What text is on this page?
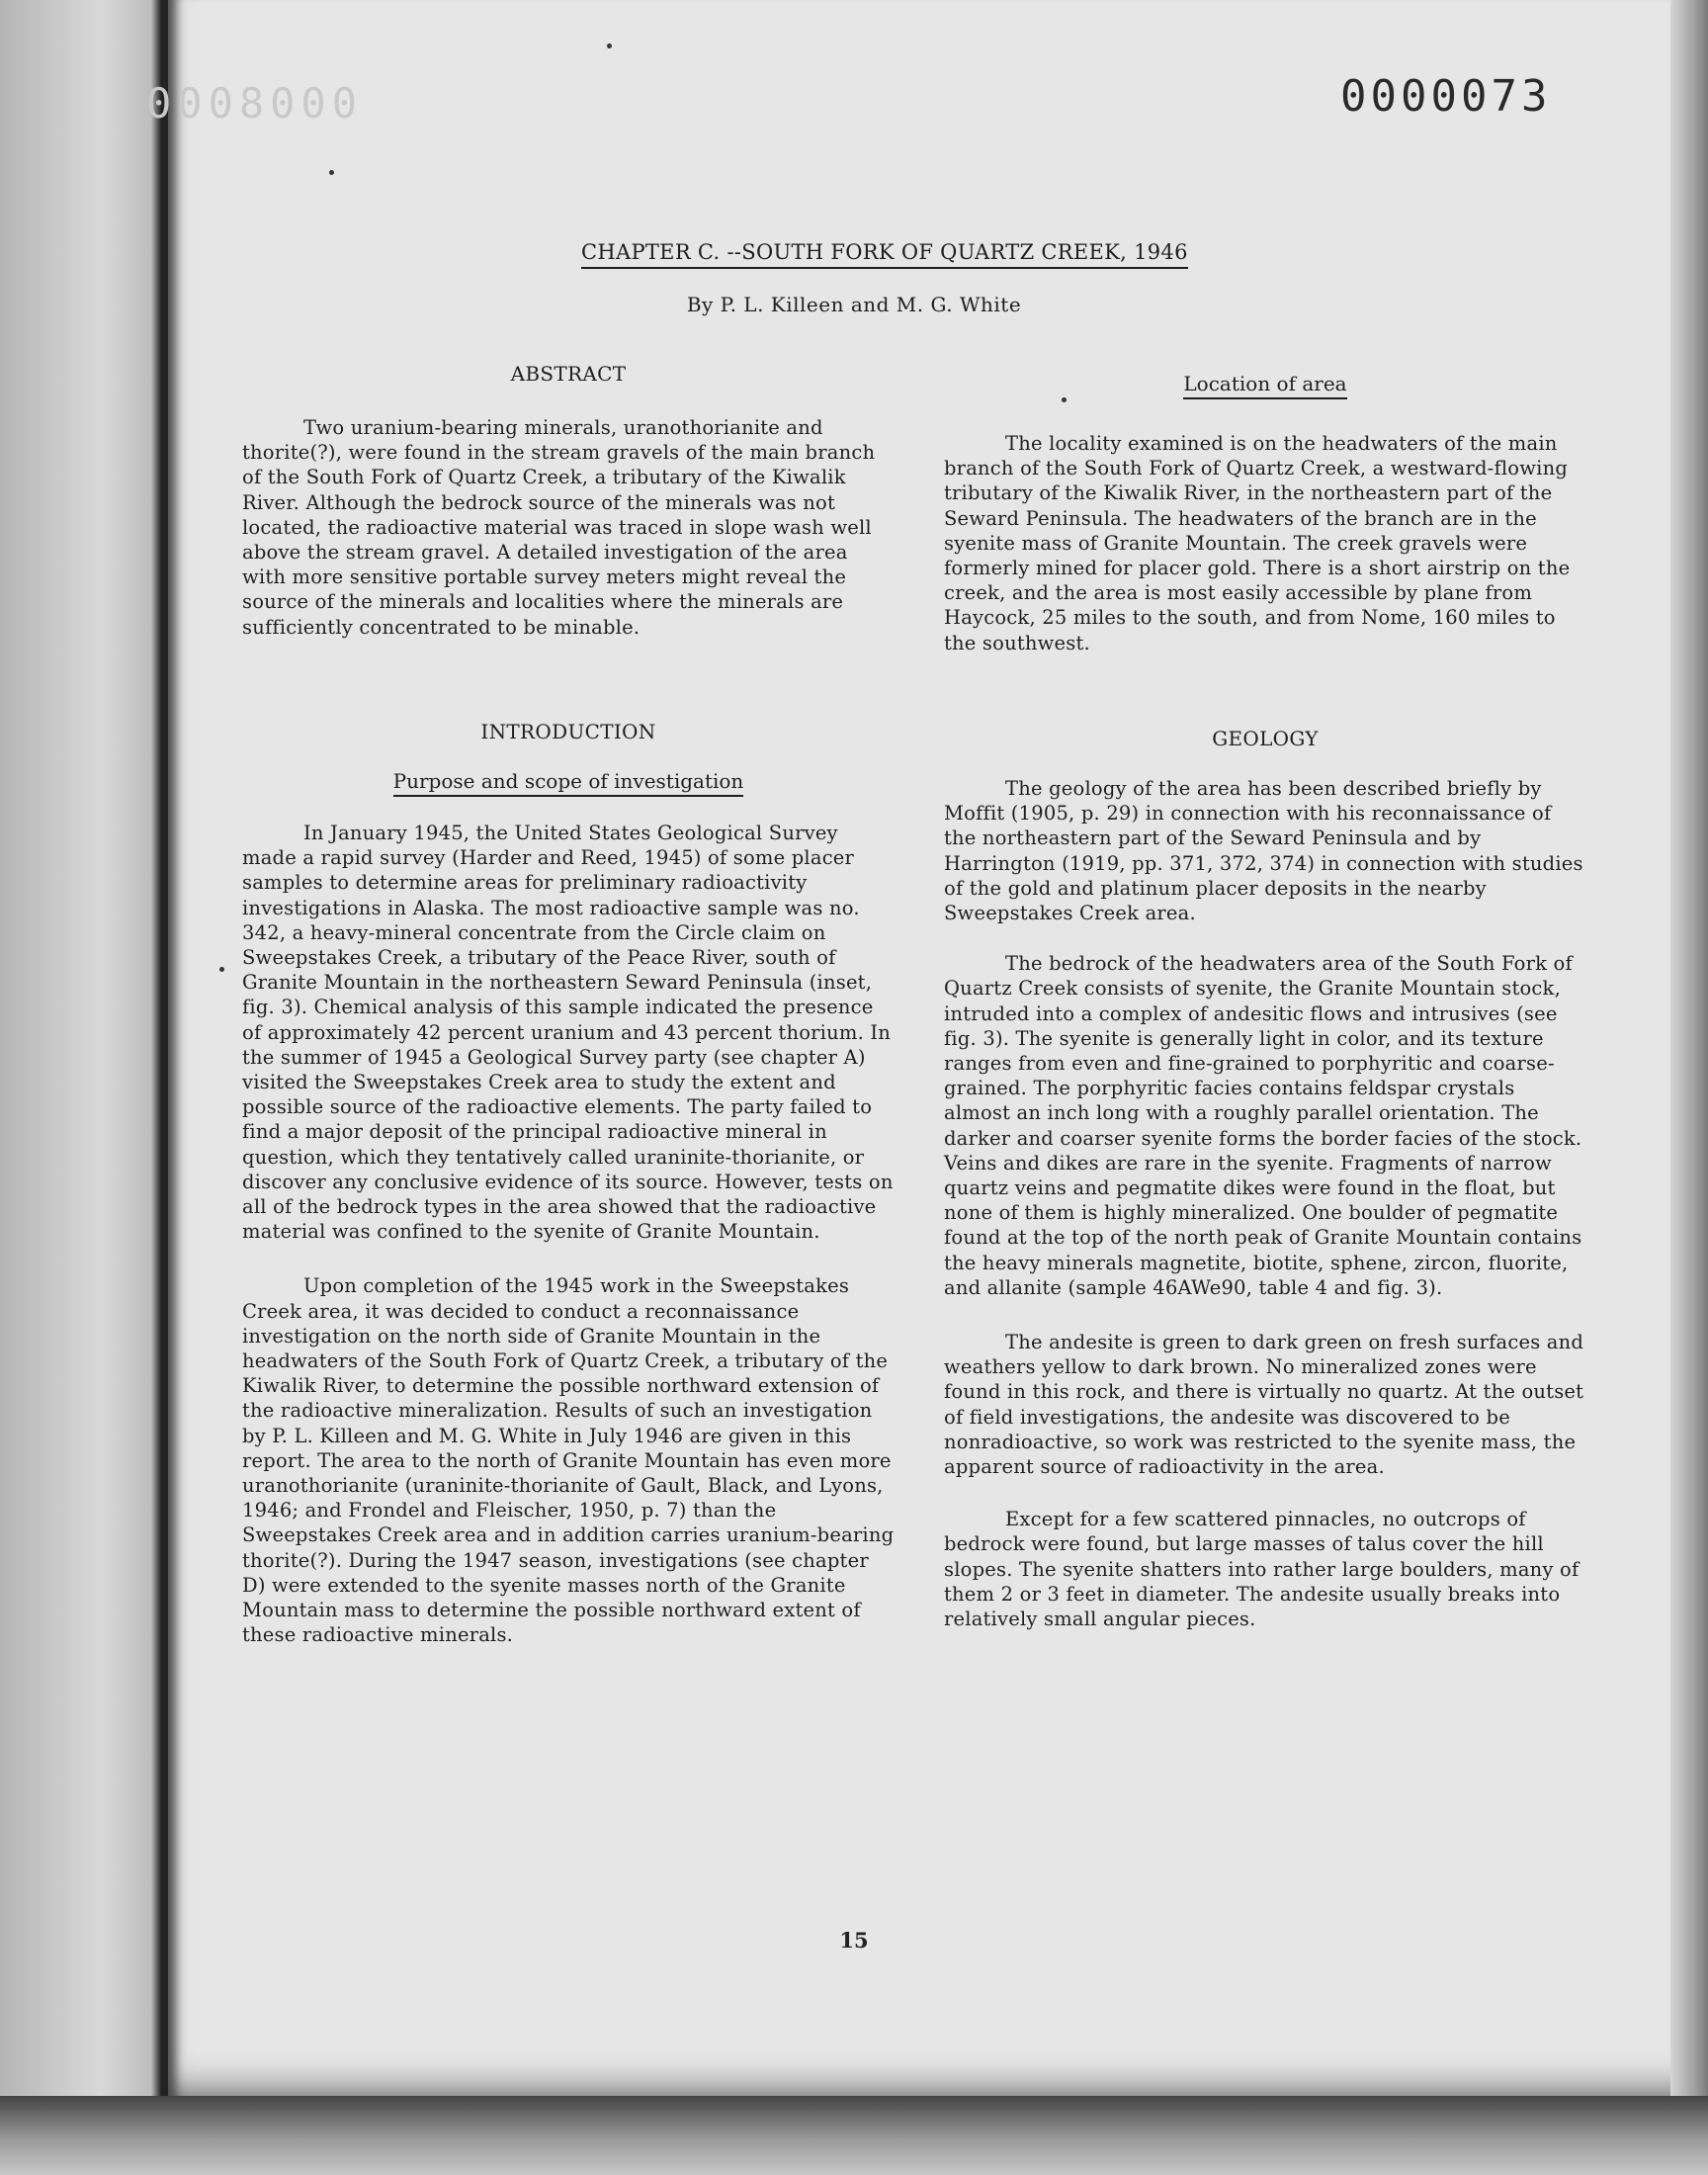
0008000	0000073
CHAPTER C. --SOUTH FORK OF QUARTZ CREEK, 1946
By P. L. Killeen and M. G. White
ABSTRACT

Two uranium-bearing minerals, uranothorianite and thorite(?), were found in the stream gravels of the main branch of the South Fork of Quartz Creek, a tributary of the Kiwalik River. Although the bedrock source of the minerals was not located, the radioactive material was traced in slope wash well above the stream gravel. A detailed investigation of the area with more sensitive portable survey meters might reveal the source of the minerals and localities where the minerals are sufficiently concentrated to be minable.

INTRODUCTION
Purpose and scope of investigation

In January 1945, the United States Geological Survey made a rapid survey (Harder and Reed, 1945) of some placer samples to determine areas for preliminary radioactivity investigations in Alaska. The most radioactive sample was no. 342, a heavy-mineral concentrate from the Circle claim on Sweepstakes Creek, a tributary of the Peace River, south of Granite Mountain in the northeastern Seward Peninsula (inset, fig. 3). Chemical analysis of this sample indicated the presence of approximately 42 percent uranium and 43 percent thorium. In the summer of 1945 a Geological Survey party (see chapter A) visited the Sweepstakes Creek area to study the extent and possible source of the radioactive elements. The party failed to find a major deposit of the principal radioactive mineral in question, which they tentatively called uraninite-thorianite, or discover any conclusive evidence of its source. However, tests on all of the bedrock types in the area showed that the radioactive material was confined to the syenite of Granite Mountain.

Upon completion of the 1945 work in the Sweepstakes Creek area, it was decided to conduct a reconnaissance investigation on the north side of Granite Mountain in the headwaters of the South Fork of Quartz Creek, a tributary of the Kiwalik River, to determine the possible northward extension of the radioactive mineralization. Results of such an investigation by P. L. Killeen and M. G. White in July 1946 are given in this report. The area to the north of Granite Mountain has even more uranothorianite (uraninite-thorianite of Gault, Black, and Lyons, 1946; and Frondel and Fleischer, 1950, p. 7) than the Sweepstakes Creek area and in addition carries uranium-bearing thorite(?). During the 1947 season, investigations (see chapter D) were extended to the syenite masses north of the Granite Mountain mass to determine the possible northward extent of these radioactive minerals.

Location of area

The locality examined is on the headwaters of the main branch of the South Fork of Quartz Creek, a westward-flowing tributary of the Kiwalik River, in the northeastern part of the Seward Peninsula. The headwaters of the branch are in the syenite mass of Granite Mountain. The creek gravels were formerly mined for placer gold. There is a short airstrip on the creek, and the area is most easily accessible by plane from Haycock, 25 miles to the south, and from Nome, 160 miles to the southwest.

GEOLOGY

The geology of the area has been described briefly by Moffit (1905, p. 29) in connection with his reconnaissance of the northeastern part of the Seward Peninsula and by Harrington (1919, pp. 371, 372, 374) in connection with studies of the gold and platinum placer deposits in the nearby Sweepstakes Creek area.

The bedrock of the headwaters area of the South Fork of Quartz Creek consists of syenite, the Granite Mountain stock, intruded into a complex of andesitic flows and intrusives (see fig. 3). The syenite is generally light in color, and its texture ranges from even and fine-grained to porphyritic and coarse-grained. The porphyritic facies contains feldspar crystals almost an inch long with a roughly parallel orientation. The darker and coarser syenite forms the border facies of the stock. Veins and dikes are rare in the syenite. Fragments of narrow quartz veins and pegmatite dikes were found in the float, but none of them is highly mineralized. One boulder of pegmatite found at the top of the north peak of Granite Mountain contains the heavy minerals magnetite, biotite, sphene, zircon, fluorite, and allanite (sample 46AWe90, table 4 and fig. 3).

The andesite is green to dark green on fresh surfaces and weathers yellow to dark brown. No mineralized zones were found in this rock, and there is virtually no quartz. At the outset of field investigations, the andesite was discovered to be nonradioactive, so work was restricted to the syenite mass, the apparent source of radioactivity in the area.

Except for a few scattered pinnacles, no outcrops of bedrock were found, but large masses of talus cover the hill slopes. The syenite shatters into rather large boulders, many of them 2 or 3 feet in diameter. The andesite usually breaks into relatively small angular pieces.

15
